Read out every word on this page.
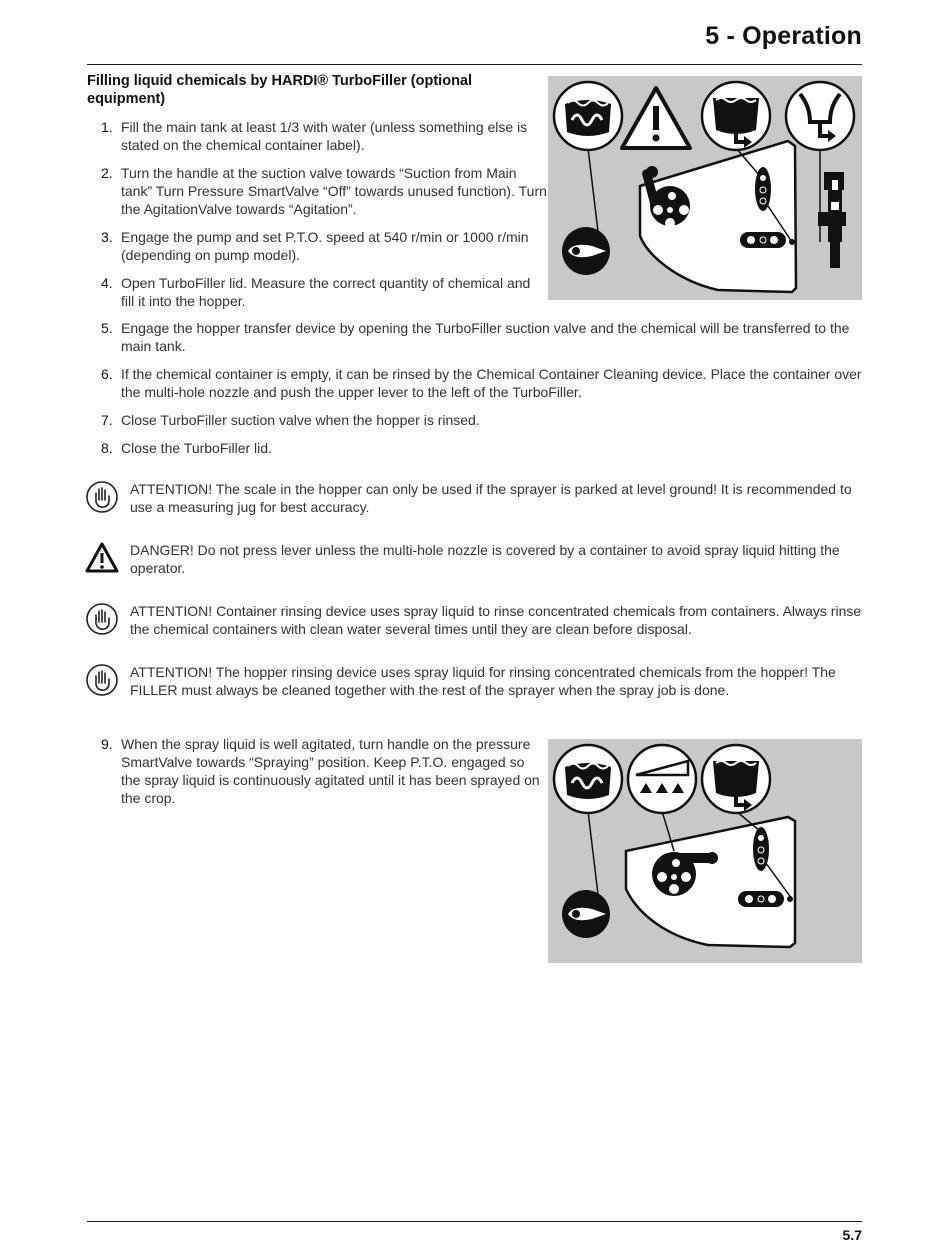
5 - Operation
Filling liquid chemicals by HARDI® TurboFiller (optional equipment)
1. Fill the main tank at least 1/3 with water (unless something else is stated on the chemical container label).
2. Turn the handle at the suction valve towards “Suction from Main tank” Turn Pressure SmartValve “Off” towards unused function). Turn the AgitationValve towards “Agitation”.
3. Engage the pump and set P.T.O. speed at 540 r/min or 1000 r/min (depending on pump model).
4. Open TurboFiller lid. Measure the correct quantity of chemical and fill it into the hopper.
5. Engage the hopper transfer device by opening the TurboFiller suction valve and the chemical will be transferred to the main tank.
6. If the chemical container is empty, it can be rinsed by the Chemical Container Cleaning device. Place the container over the multi-hole nozzle and push the upper lever to the left of the TurboFiller.
7. Close TurboFiller suction valve when the hopper is rinsed.
8. Close the TurboFiller lid.

ATTENTION! The scale in the hopper can only be used if the sprayer is parked at level ground! It is recommended to use a measuring jug for best accuracy.

DANGER! Do not press lever unless the multi-hole nozzle is covered by a container to avoid spray liquid hitting the operator.

ATTENTION! Container rinsing device uses spray liquid to rinse concentrated chemicals from containers. Always rinse the chemical containers with clean water several times until they are clean before disposal.

ATTENTION! The hopper rinsing device uses spray liquid for rinsing concentrated chemicals from the hopper! The FILLER must always be cleaned together with the rest of the sprayer when the spray job is done.

9. When the spray liquid is well agitated, turn handle on the pressure SmartValve towards “Spraying” position. Keep P.T.O. engaged so the spray liquid is continuously agitated until it has been sprayed on the crop.
5.7
